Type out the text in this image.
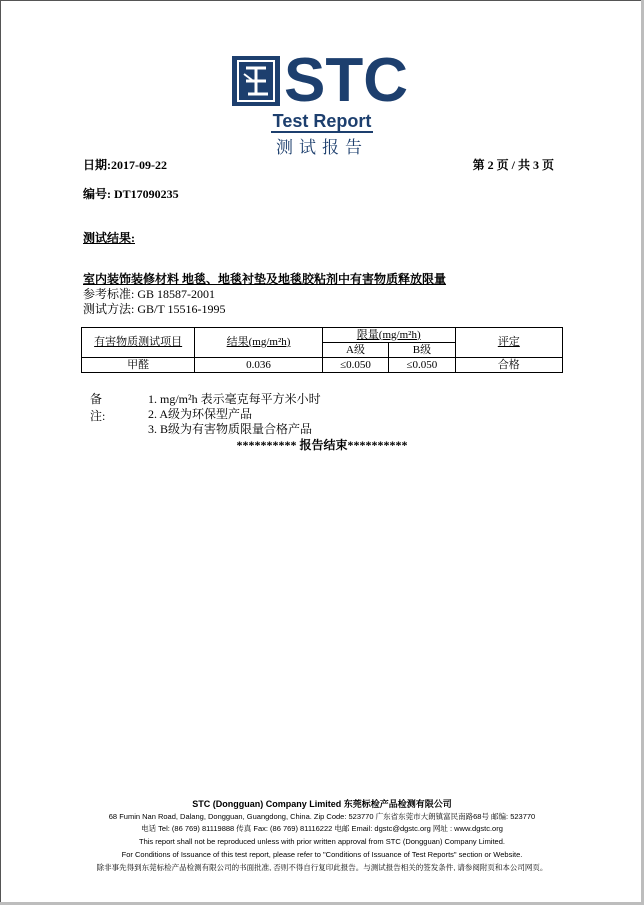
STC
Test Report
测试报告
日期:2017-09-22	第 2 页 / 共 3 页
编号: DT17090235
测试结果:
室内装饰装修材料 地毯、地毯衬垫及地毯胶粘剂中有害物质释放限量
参考标准: GB 18587-2001
测试方法: GB/T 15516-1995
有害物质测试项目	结果(mg/m²h)	限量(mg/m²h)		评定
		A级	B级	
甲醛	0.036	≤0.050	≤0.050	合格
备注:
1. mg/m²h 表示毫克每平方米小时
2. A级为环保型产品
3. B级为有害物质限量合格产品
********** 报告结束**********
STC (Dongguan) Company Limited 东莞标检产品检测有限公司
68 Fumin Nan Road, Dalang, Dongguan, Guangdong, China. Zip Code: 523770 广东省东莞市大朗镇富民南路68号 邮编: 523770
电话 Tel: (86 769) 81119888 传真 Fax: (86 769) 81116222 电邮 Email: dgstc@dgstc.org 网址 : www.dgstc.org
This report shall not be reproduced unless with prior written approval from STC (Dongguan) Company Limited.
For Conditions of Issuance of this test report, please refer to "Conditions of Issuance of Test Reports" section or Website.
除非事先得到东莞标检产品检测有限公司的书面批准, 否则不得自行复印此报告。与测试报告相关的签发条件, 请参阅附页和本公司网页。
